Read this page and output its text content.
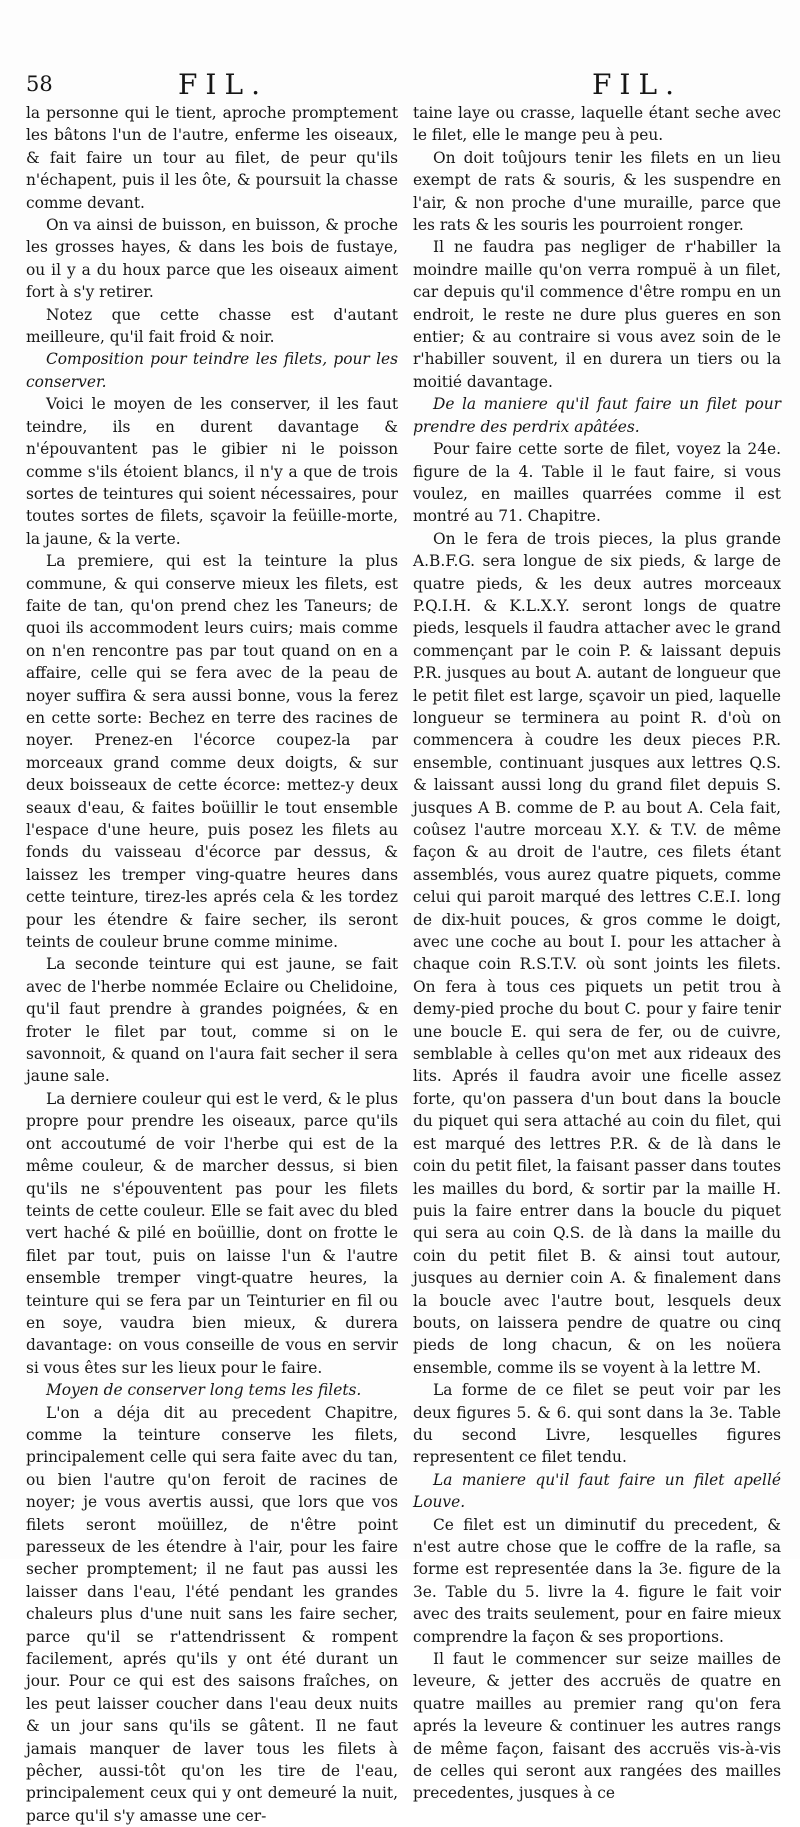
58	FIL.	FIL.

la personne qui le tient, aproche promptement les bâtons l'un de l'autre, enferme les oiseaux, & fait faire un tour au filet, de peur qu'ils n'échapent, puis il les ôte, & poursuit la chasse comme devant.

On va ainsi de buisson, en buisson, & proche les grosses hayes, & dans les bois de fustaye, ou il y a du houx parce que les oiseaux aiment fort à s'y retirer.

Notez que cette chasse est d'autant meilleure, qu'il fait froid & noir.

Composition pour teindre les filets, pour les conserver.

Voici le moyen de les conserver, il les faut teindre, ils en durent davantage & n'épouvantent pas le gibier ni le poisson comme s'ils étoient blancs, il n'y a que de trois sortes de teintures qui soient nécessaires, pour toutes sortes de filets, sçavoir la feüille-morte, la jaune, & la verte.

La premiere, qui est la teinture la plus commune, & qui conserve mieux les filets, est faite de tan, qu'on prend chez les Taneurs; de quoi ils accommodent leurs cuirs; mais comme on n'en rencontre pas par tout quand on en a affaire, celle qui se fera avec de la peau de noyer suffira & sera aussi bonne, vous la ferez en cette sorte: Bechez en terre des racines de noyer. Prenez-en l'écorce coupez-la par morceaux grand comme deux doigts, & sur deux boisseaux de cette écorce: mettez-y deux seaux d'eau, & faites boüillir le tout ensemble l'espace d'une heure, puis posez les filets au fonds du vaisseau d'écorce par dessus, & laissez les tremper ving-quatre heures dans cette teinture, tirez-les aprés cela & les tordez pour les étendre & faire secher, ils seront teints de couleur brune comme minime.

La seconde teinture qui est jaune, se fait avec de l'herbe nommée Eclaire ou Chelidoine, qu'il faut prendre à grandes poignées, & en froter le filet par tout, comme si on le savonnoit, & quand on l'aura fait secher il sera jaune sale.

La derniere couleur qui est le verd, & le plus propre pour prendre les oiseaux, parce qu'ils ont accoutumé de voir l'herbe qui est de la même couleur, & de marcher dessus, si bien qu'ils ne s'épouventent pas pour les filets teints de cette couleur. Elle se fait avec du bled vert haché & pilé en boüillie, dont on frotte le filet par tout, puis on laisse l'un & l'autre ensemble tremper vingt-quatre heures, la teinture qui se fera par un Teinturier en fil ou en soye, vaudra bien mieux, & durera davantage: on vous conseille de vous en servir si vous êtes sur les lieux pour le faire.

Moyen de conserver long tems les filets.

L'on a déja dit au precedent Chapitre, comme la teinture conserve les filets, principalement celle qui sera faite avec du tan, ou bien l'autre qu'on feroit de racines de noyer; je vous avertis aussi, que lors que vos filets seront moüillez, de n'être point paresseux de les étendre à l'air, pour les faire secher promptement; il ne faut pas aussi les laisser dans l'eau, l'été pendant les grandes chaleurs plus d'une nuit sans les faire secher, parce qu'il se r'attendrissent & rompent facilement, aprés qu'ils y ont été durant un jour. Pour ce qui est des saisons fraîches, on les peut laisser coucher dans l'eau deux nuits & un jour sans qu'ils se gâtent. Il ne faut jamais manquer de laver tous les filets à pêcher, aussi-tôt qu'on les tire de l'eau, principalement ceux qui y ont demeuré la nuit, parce qu'il s'y amasse une cer-

taine laye ou crasse, laquelle étant seche avec le filet, elle le mange peu à peu.

On doit toûjours tenir les filets en un lieu exempt de rats & souris, & les suspendre en l'air, & non proche d'une muraille, parce que les rats & les souris les pourroient ronger.

Il ne faudra pas negliger de r'habiller la moindre maille qu'on verra rompuë à un filet, car depuis qu'il commence d'être rompu en un endroit, le reste ne dure plus gueres en son entier; & au contraire si vous avez soin de le r'habiller souvent, il en durera un tiers ou la moitié davantage.

De la maniere qu'il faut faire un filet pour prendre des perdrix apâtées.

Pour faire cette sorte de filet, voyez la 24e. figure de la 4. Table il le faut faire, si vous voulez, en mailles quarrées comme il est montré au 71. Chapitre.

On le fera de trois pieces, la plus grande A.B.F.G. sera longue de six pieds, & large de quatre pieds, & les deux autres morceaux P.Q.I.H. & K.L.X.Y. seront longs de quatre pieds, lesquels il faudra attacher avec le grand commençant par le coin P. & laissant depuis P.R. jusques au bout A. autant de longueur que le petit filet est large, sçavoir un pied, laquelle longueur se terminera au point R. d'où on commencera à coudre les deux pieces P.R. ensemble, continuant jusques aux lettres Q.S. & laissant aussi long du grand filet depuis S. jusques A B. comme de P. au bout A. Cela fait, coûsez l'autre morceau X.Y. & T.V. de même façon & au droit de l'autre, ces filets étant assemblés, vous aurez quatre piquets, comme celui qui paroit marqué des lettres C.E.I. long de dix-huit pouces, & gros comme le doigt, avec une coche au bout I. pour les attacher à chaque coin R.S.T.V. où sont joints les filets. On fera à tous ces piquets un petit trou à demy-pied proche du bout C. pour y faire tenir une boucle E. qui sera de fer, ou de cuivre, semblable à celles qu'on met aux rideaux des lits. Aprés il faudra avoir une ficelle assez forte, qu'on passera d'un bout dans la boucle du piquet qui sera attaché au coin du filet, qui est marqué des lettres P.R. & de là dans le coin du petit filet, la faisant passer dans toutes les mailles du bord, & sortir par la maille H. puis la faire entrer dans la boucle du piquet qui sera au coin Q.S. de là dans la maille du coin du petit filet B. & ainsi tout autour, jusques au dernier coin A. & finalement dans la boucle avec l'autre bout, lesquels deux bouts, on laissera pendre de quatre ou cinq pieds de long chacun, & on les noüera ensemble, comme ils se voyent à la lettre M.

La forme de ce filet se peut voir par les deux figures 5. & 6. qui sont dans la 3e. Table du second Livre, lesquelles figures representent ce filet tendu.

La maniere qu'il faut faire un filet apellé Louve.

Ce filet est un diminutif du precedent, & n'est autre chose que le coffre de la rafle, sa forme est representée dans la 3e. figure de la 3e. Table du 5. livre la 4. figure le fait voir avec des traits seulement, pour en faire mieux comprendre la façon & ses proportions.

Il faut le commencer sur seize mailles de leveure, & jetter des accruës de quatre en quatre mailles au premier rang qu'on fera aprés la leveure & continuer les autres rangs de même façon, faisant des accruës vis-à-vis de celles qui seront aux rangées des mailles precedentes, jusques à ce
